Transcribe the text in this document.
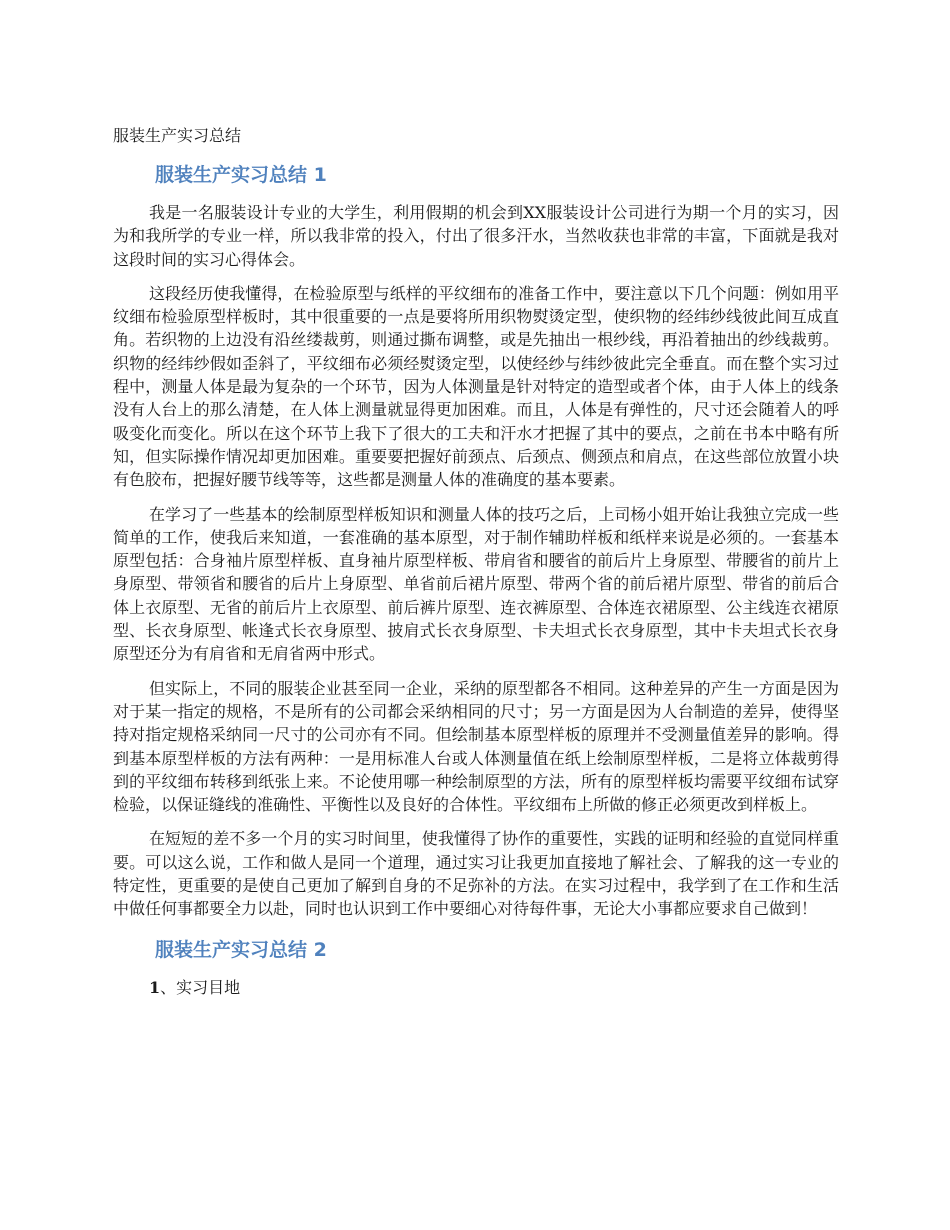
服装生产实习总结
服装生产实习总结 1

我是一名服装设计专业的大学生，利用假期的机会到XX服装设计公司进行为期一个月的实习，因为和我所学的专业一样，所以我非常的投入，付出了很多汗水，当然收获也非常的丰富，下面就是我对这段时间的实习心得体会。

这段经历使我懂得，在检验原型与纸样的平纹细布的准备工作中，要注意以下几个问题：例如用平纹细布检验原型样板时，其中很重要的一点是要将所用织物熨烫定型，使织物的经纬纱线彼此间互成直角。若织物的上边没有沿丝缕裁剪，则通过撕布调整，或是先抽出一根纱线，再沿着抽出的纱线裁剪。织物的经纬纱假如歪斜了，平纹细布必须经熨烫定型，以使经纱与纬纱彼此完全垂直。而在整个实习过程中，测量人体是最为复杂的一个环节，因为人体测量是针对特定的造型或者个体，由于人体上的线条没有人台上的那么清楚，在人体上测量就显得更加困难。而且，人体是有弹性的，尺寸还会随着人的呼吸变化而变化。所以在这个环节上我下了很大的工夫和汗水才把握了其中的要点，之前在书本中略有所知，但实际操作情况却更加困难。重要要把握好前颈点、后颈点、侧颈点和肩点，在这些部位放置小块有色胶布，把握好腰节线等等，这些都是测量人体的准确度的基本要素。

在学习了一些基本的绘制原型样板知识和测量人体的技巧之后，上司杨小姐开始让我独立完成一些简单的工作，使我后来知道，一套准确的基本原型，对于制作辅助样板和纸样来说是必须的。一套基本原型包括：合身袖片原型样板、直身袖片原型样板、带肩省和腰省的前后片上身原型、带腰省的前片上身原型、带领省和腰省的后片上身原型、单省前后裙片原型、带两个省的前后裙片原型、带省的前后合体上衣原型、无省的前后片上衣原型、前后裤片原型、连衣裤原型、合体连衣裙原型、公主线连衣裙原型、长衣身原型、帐逢式长衣身原型、披肩式长衣身原型、卡夫坦式长衣身原型，其中卡夫坦式长衣身原型还分为有肩省和无肩省两中形式。

但实际上，不同的服装企业甚至同一企业，采纳的原型都各不相同。这种差异的产生一方面是因为对于某一指定的规格，不是所有的公司都会采纳相同的尺寸；另一方面是因为人台制造的差异，使得坚持对指定规格采纳同一尺寸的公司亦有不同。但绘制基本原型样板的原理并不受测量值差异的影响。得到基本原型样板的方法有两种：一是用标准人台或人体测量值在纸上绘制原型样板，二是将立体裁剪得到的平纹细布转移到纸张上来。不论使用哪一种绘制原型的方法，所有的原型样板均需要平纹细布试穿检验，以保证缝线的准确性、平衡性以及良好的合体性。平纹细布上所做的修正必须更改到样板上。

在短短的差不多一个月的实习时间里，使我懂得了协作的重要性，实践的证明和经验的直觉同样重要。可以这么说，工作和做人是同一个道理，通过实习让我更加直接地了解社会、了解我的这一专业的特定性，更重要的是使自己更加了解到自身的不足弥补的方法。在实习过程中，我学到了在工作和生活中做任何事都要全力以赴，同时也认识到工作中要细心对待每件事，无论大小事都应要求自己做到！

服装生产实习总结 2
1、实习目地
